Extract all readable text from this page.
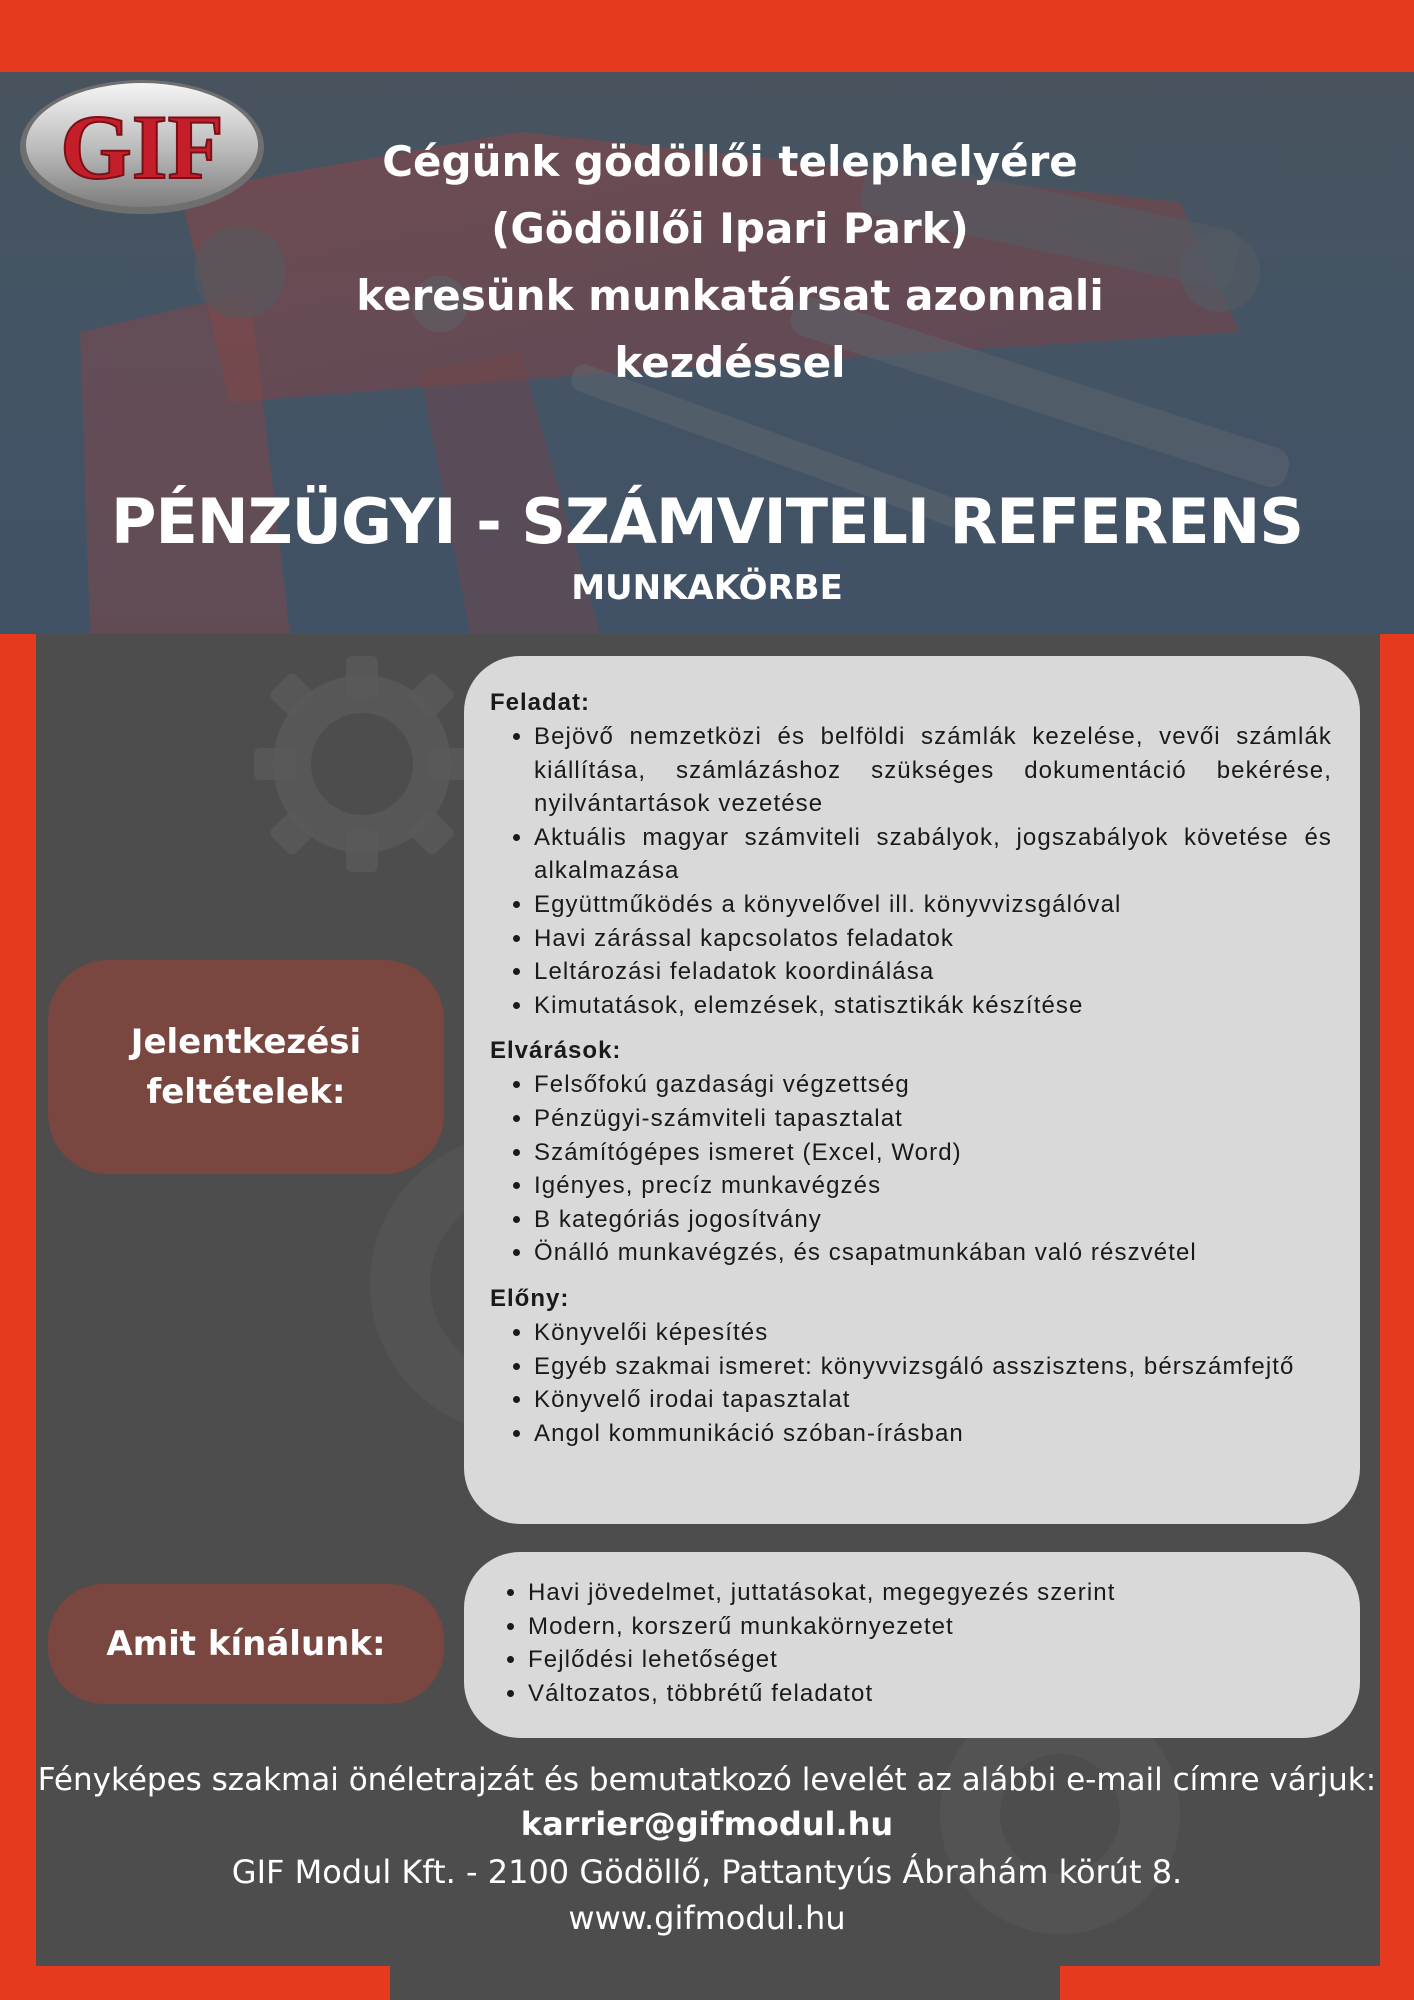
GIF	Cégünk gödöllői telephelyére
(Gödöllői Ipari Park)
keresünk munkatársat azonnali
kezdéssel
PÉNZÜGYI - SZÁMVITELI REFERENS
MUNKAKÖRBE
Jelentkezési
feltételek:

Feladat:

• Bejövő nemzetközi és belföldi számlák kezelése, vevői számlák kiállítása, számlázáshoz szükséges dokumentáció bekérése, nyilvántartások vezetése
• Aktuális magyar számviteli szabályok, jogszabályok követése és alkalmazása
• Együttműködés a könyvelővel ill. könyvvizsgálóval
• Havi zárással kapcsolatos feladatok
• Leltározási feladatok koordinálása
• Kimutatások, elemzések, statisztikák készítése

Elvárások:

• Felsőfokú gazdasági végzettség
• Pénzügyi-számviteli tapasztalat
• Számítógépes ismeret (Excel, Word)
• Igényes, precíz munkavégzés
• B kategóriás jogosítvány
• Önálló munkavégzés, és csapatmunkában való részvétel

Előny:

• Könyvelői képesítés
• Egyéb szakmai ismeret: könyvvizsgáló asszisztens, bérszámfejtő
• Könyvelő irodai tapasztalat
• Angol kommunikáció szóban-írásban
Amit kínálunk:
• Havi jövedelmet, juttatásokat, megegyezés szerint
• Modern, korszerű munkakörnyezetet
• Fejlődési lehetőséget
• Változatos, többrétű feladatot

Fényképes szakmai önéletrajzát és bemutatkozó levelét az alábbi e-mail címre várjuk:

karrier@gifmodul.hu

GIF Modul Kft. - 2100 Gödöllő, Pattantyús Ábrahám körút 8.

www.gifmodul.hu
